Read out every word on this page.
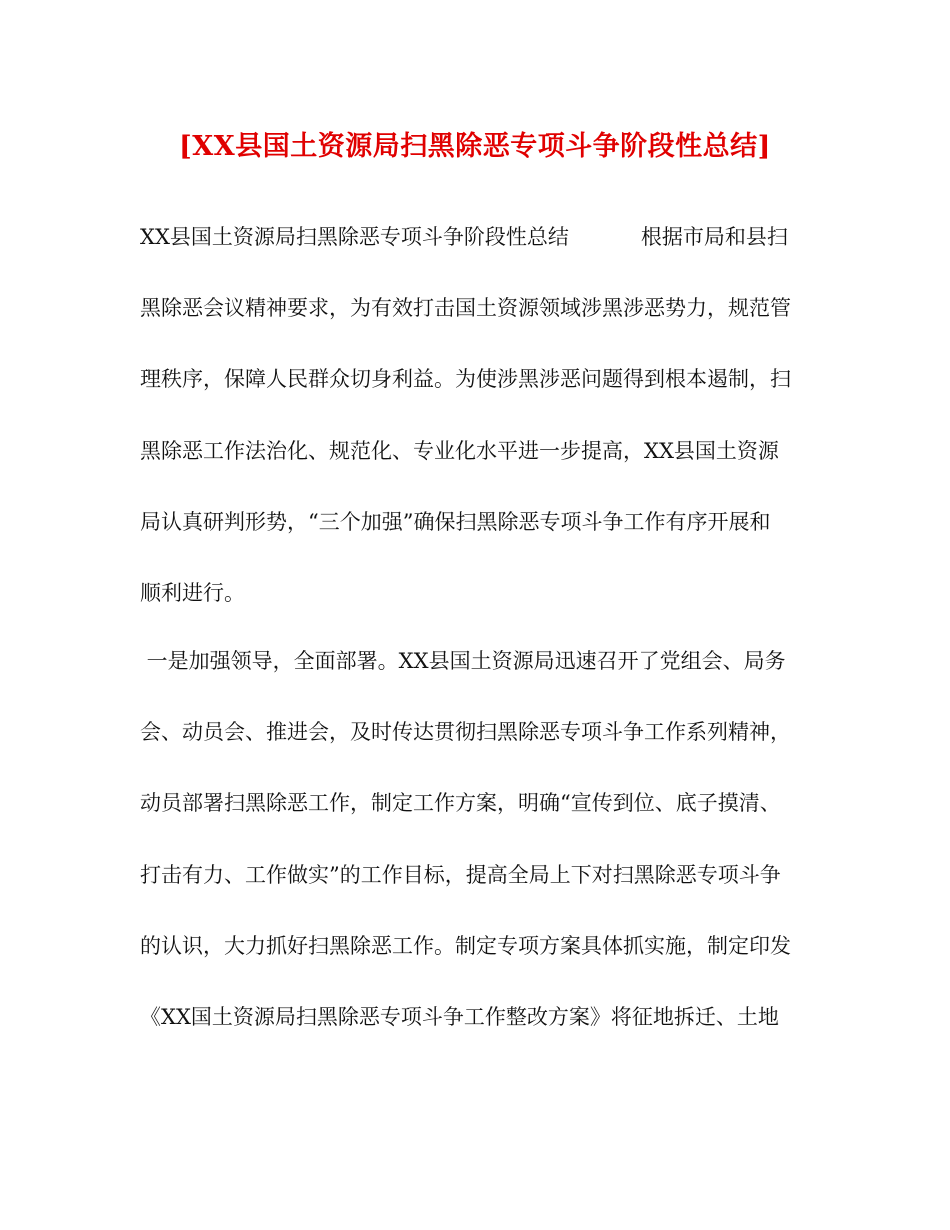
[XX县国土资源局扫黑除恶专项斗争阶段性总结]
XX县国土资源局扫黑除恶专项斗争阶段性总结	根据市局和县扫
黑除恶会议精神要求，为有效打击国土资源领域涉黑涉恶势力，规范管
理秩序，保障人民群众切身利益。为使涉黑涉恶问题得到根本遏制，扫
黑除恶工作法治化、规范化、专业化水平进一步提高，XX县国土资源
局认真研判形势，“三个加强”确保扫黑除恶专项斗争工作有序开展和
顺利进行。
一是加强领导，全面部署。XX县国土资源局迅速召开了党组会、局务
会、动员会、推进会，及时传达贯彻扫黑除恶专项斗争工作系列精神，
动员部署扫黑除恶工作，制定工作方案，明确“宣传到位、底子摸清、
打击有力、工作做实”的工作目标，提高全局上下对扫黑除恶专项斗争
的认识，大力抓好扫黑除恶工作。制定专项方案具体抓实施，制定印发
《XX国土资源局扫黑除恶专项斗争工作整改方案》将征地拆迁、土地
